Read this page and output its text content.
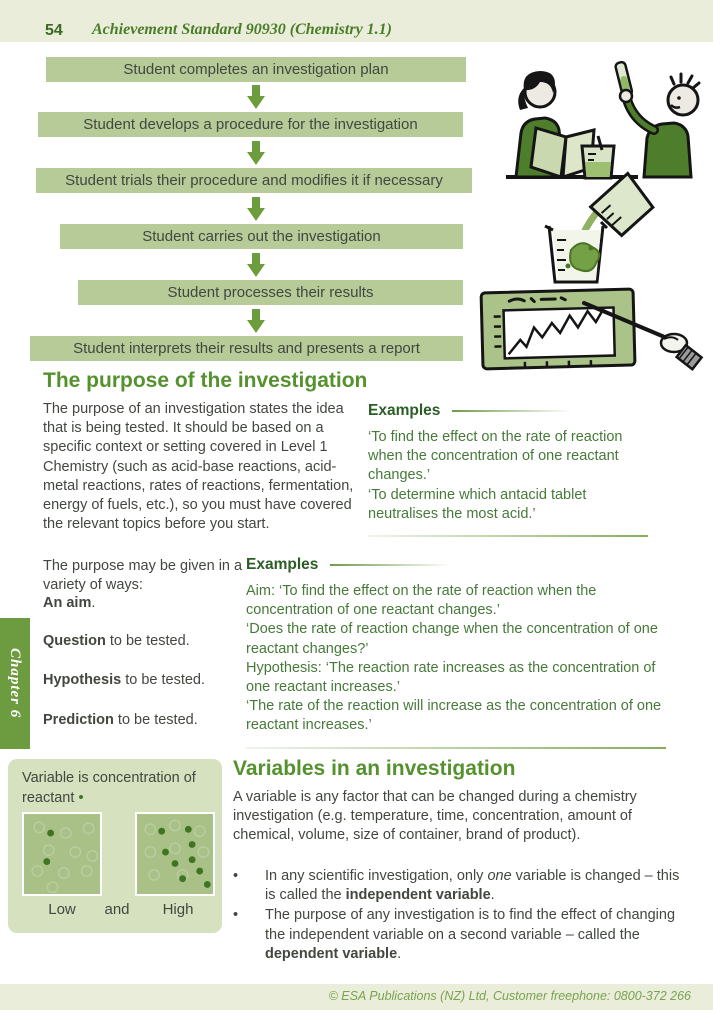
54 Achievement Standard 90930 (Chemistry 1.1)
Student completes an investigation plan
Student develops a procedure for the investigation
Student trials their procedure and modifies it if necessary
Student carries out the investigation
Student processes their results
Student interprets their results and presents a report
The purpose of the investigation

The purpose of an investigation states the idea that is being tested. It should be based on a specific context or setting covered in Level 1 Chemistry (such as acid-base reactions, acid-metal reactions, rates of reactions, fermentation, energy of fuels, etc.), so you must have covered the relevant topics before you start.

Examples

‘To find the effect on the rate of reaction when the concentration of one reactant changes.’

‘To determine which antacid tablet neutralises the most acid.’

The purpose may be given in a variety of ways:
An aim.
Question to be tested.
Hypothesis to be tested.
Prediction to be tested.
Examples

Aim: ‘To find the effect on the rate of reaction when the concentration of one reactant changes.’

‘Does the rate of reaction change when the concentration of one reactant changes?’

Hypothesis: ‘The reaction rate increases as the concentration of one reactant increases.’

‘The rate of the reaction will increase as the concentration of one reactant increases.’

Chapter 6
Variable is concentration of reactant •
Low	and	High
Variables in an investigation

A variable is any factor that can be changed during a chemistry investigation (e.g. temperature, time, concentration, amount of chemical, volume, size of container, brand of product).

•
In any scientific investigation, only one variable is changed – this is called the independent variable.
•
The purpose of any investigation is to find the effect of changing the independent variable on a second variable – called the dependent variable.
© ESA Publications (NZ) Ltd, Customer freephone: 0800-372 266
